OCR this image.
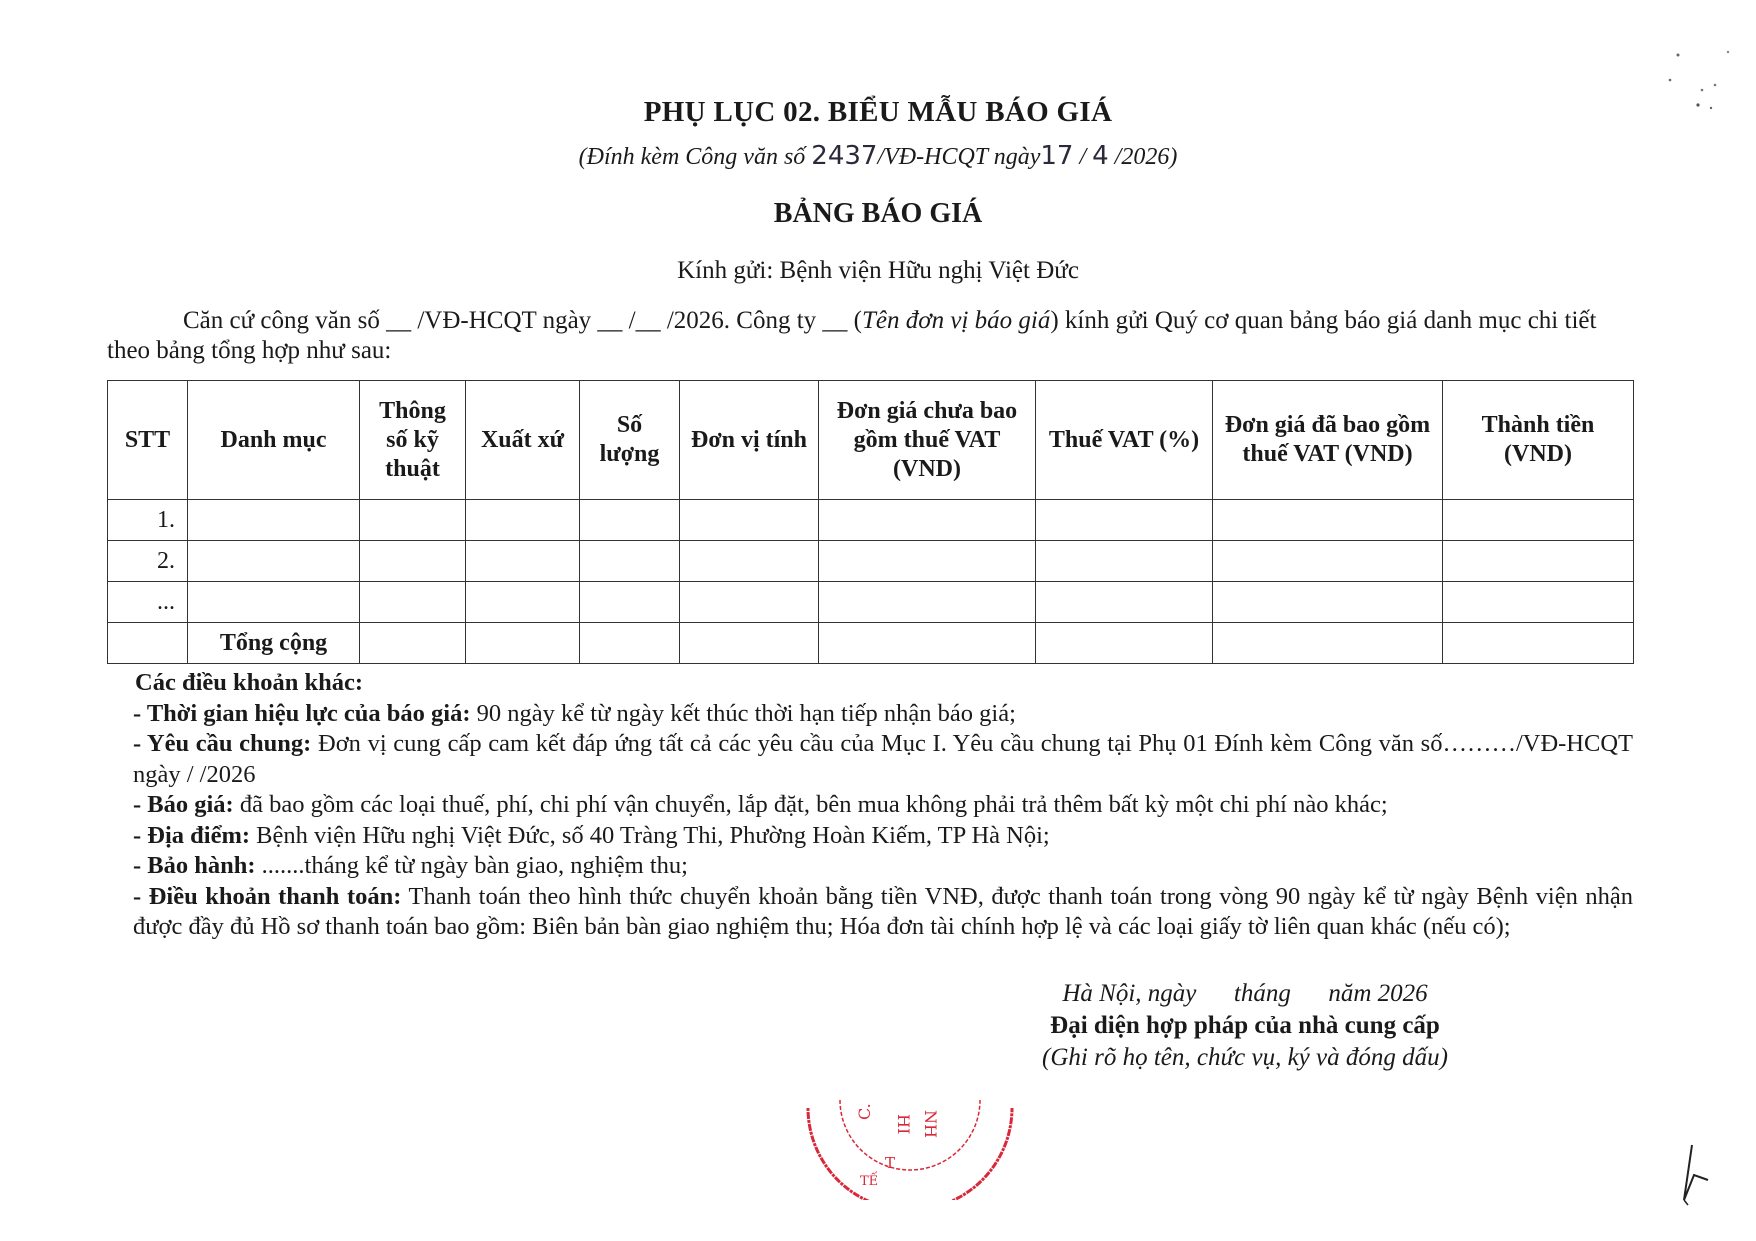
PHỤ LỤC 02. BIỂU MẪU BÁO GIÁ
(Đính kèm Công văn số 2437/VĐ-HCQT ngày17 / 4 /2026)
BẢNG BÁO GIÁ
Kính gửi: Bệnh viện Hữu nghị Việt Đức
Căn cứ công văn số __ /VĐ-HCQT ngày __ /__ /2026. Công ty __ (Tên đơn vị báo giá) kính gửi Quý cơ quan bảng báo giá danh mục chi tiết theo bảng tổng hợp như sau:
STT	Danh mục	Thông số kỹ thuật	Xuất xứ	Số lượng	Đơn vị tính	Đơn giá chưa bao gồm thuế VAT (VND)	Thuế VAT (%)	Đơn giá đã bao gồm thuế VAT (VND)	Thành tiền (VND)
1.									
2.									
...									
	Tổng cộng								

Các điều khoản khác:

- Thời gian hiệu lực của báo giá: 90 ngày kể từ ngày kết thúc thời hạn tiếp nhận báo giá;

- Yêu cầu chung: Đơn vị cung cấp cam kết đáp ứng tất cả các yêu cầu của Mục I. Yêu cầu chung tại Phụ 01 Đính kèm Công văn số………/VĐ-HCQT ngày / /2026

- Báo giá: đã bao gồm các loại thuế, phí, chi phí vận chuyển, lắp đặt, bên mua không phải trả thêm bất kỳ một chi phí nào khác;

- Địa điểm: Bệnh viện Hữu nghị Việt Đức, số 40 Tràng Thi, Phường Hoàn Kiếm, TP Hà Nội;

- Bảo hành: .......tháng kể từ ngày bàn giao, nghiệm thu;

- Điều khoản thanh toán: Thanh toán theo hình thức chuyển khoản bằng tiền VNĐ, được thanh toán trong vòng 90 ngày kể từ ngày Bệnh viện nhận được đầy đủ Hồ sơ thanh toán bao gồm: Biên bản bàn giao nghiệm thu; Hóa đơn tài chính hợp lệ và các loại giấy tờ liên quan khác (nếu có);

Hà Nội, ngày      tháng      năm 2026
Đại diện hợp pháp của nhà cung cấp
(Ghi rõ họ tên, chức vụ, ký và đóng dấu)
C.
HI NH
T
TẾ
